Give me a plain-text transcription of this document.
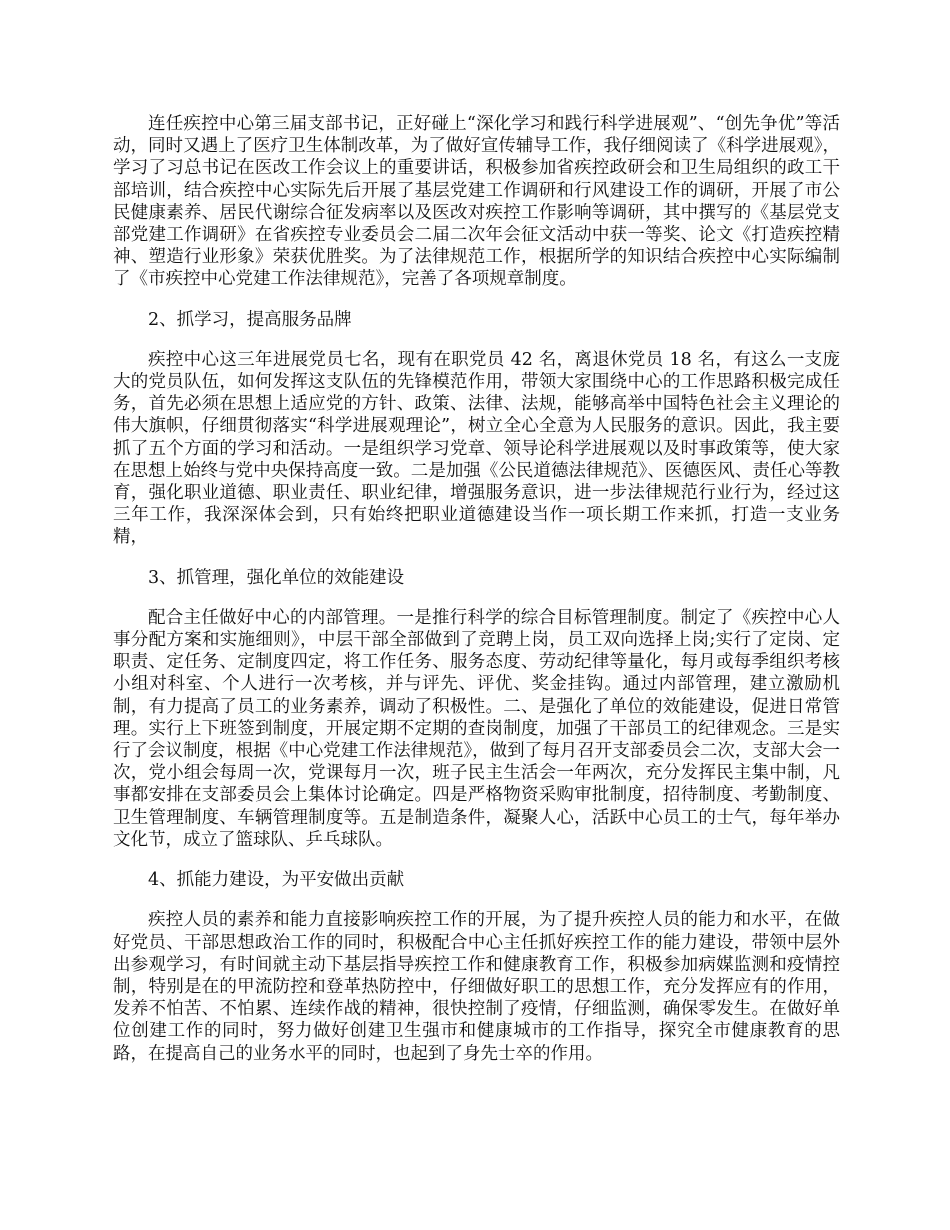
连任疾控中心第三届支部书记，正好碰上“深化学习和践行科学进展观”、“创先争优”等活动，同时又遇上了医疗卫生体制改革，为了做好宣传辅导工作，我仔细阅读了《科学进展观》，学习了习总书记在医改工作会议上的重要讲话，积极参加省疾控政研会和卫生局组织的政工干部培训，结合疾控中心实际先后开展了基层党建工作调研和行风建设工作的调研，开展了市公民健康素养、居民代谢综合征发病率以及医改对疾控工作影响等调研，其中撰写的《基层党支部党建工作调研》在省疾控专业委员会二届二次年会征文活动中获一等奖、论文《打造疾控精神、塑造行业形象》荣获优胜奖。为了法律规范工作，根据所学的知识结合疾控中心实际编制了《市疾控中心党建工作法律规范》，完善了各项规章制度。

2、抓学习，提高服务品牌

疾控中心这三年进展党员七名，现有在职党员 42 名，离退休党员 18 名，有这么一支庞大的党员队伍，如何发挥这支队伍的先锋模范作用，带领大家围绕中心的工作思路积极完成任务，首先必须在思想上适应党的方针、政策、法律、法规，能够高举中国特色社会主义理论的伟大旗帜，仔细贯彻落实“科学进展观理论”，树立全心全意为人民服务的意识。因此，我主要抓了五个方面的学习和活动。一是组织学习党章、领导论科学进展观以及时事政策等，使大家在思想上始终与党中央保持高度一致。二是加强《公民道德法律规范》、医德医风、责任心等教育，强化职业道德、职业责任、职业纪律，增强服务意识，进一步法律规范行业行为，经过这三年工作，我深深体会到，只有始终把职业道德建设当作一项长期工作来抓，打造一支业务精，

3、抓管理，强化单位的效能建设

配合主任做好中心的内部管理。一是推行科学的综合目标管理制度。制定了《疾控中心人事分配方案和实施细则》，中层干部全部做到了竞聘上岗，员工双向选择上岗;实行了定岗、定职责、定任务、定制度四定，将工作任务、服务态度、劳动纪律等量化，每月或每季组织考核小组对科室、个人进行一次考核，并与评先、评优、奖金挂钩。通过内部管理，建立激励机制，有力提高了员工的业务素养，调动了积极性。二、是强化了单位的效能建设，促进日常管理。实行上下班签到制度，开展定期不定期的查岗制度，加强了干部员工的纪律观念。三是实行了会议制度，根据《中心党建工作法律规范》，做到了每月召开支部委员会二次，支部大会一次，党小组会每周一次，党课每月一次，班子民主生活会一年两次，充分发挥民主集中制，凡事都安排在支部委员会上集体讨论确定。四是严格物资采购审批制度，招待制度、考勤制度、卫生管理制度、车辆管理制度等。五是制造条件，凝聚人心，活跃中心员工的士气，每年举办文化节，成立了篮球队、乒乓球队。

4、抓能力建设，为平安做出贡献

疾控人员的素养和能力直接影响疾控工作的开展，为了提升疾控人员的能力和水平，在做好党员、干部思想政治工作的同时，积极配合中心主任抓好疾控工作的能力建设，带领中层外出参观学习，有时间就主动下基层指导疾控工作和健康教育工作，积极参加病媒监测和疫情控制，特别是在的甲流防控和登革热防控中，仔细做好职工的思想工作，充分发挥应有的作用，发养不怕苦、不怕累、连续作战的精神，很快控制了疫情，仔细监测，确保零发生。在做好单位创建工作的同时，努力做好创建卫生强市和健康城市的工作指导，探究全市健康教育的思路，在提高自己的业务水平的同时，也起到了身先士卒的作用。
